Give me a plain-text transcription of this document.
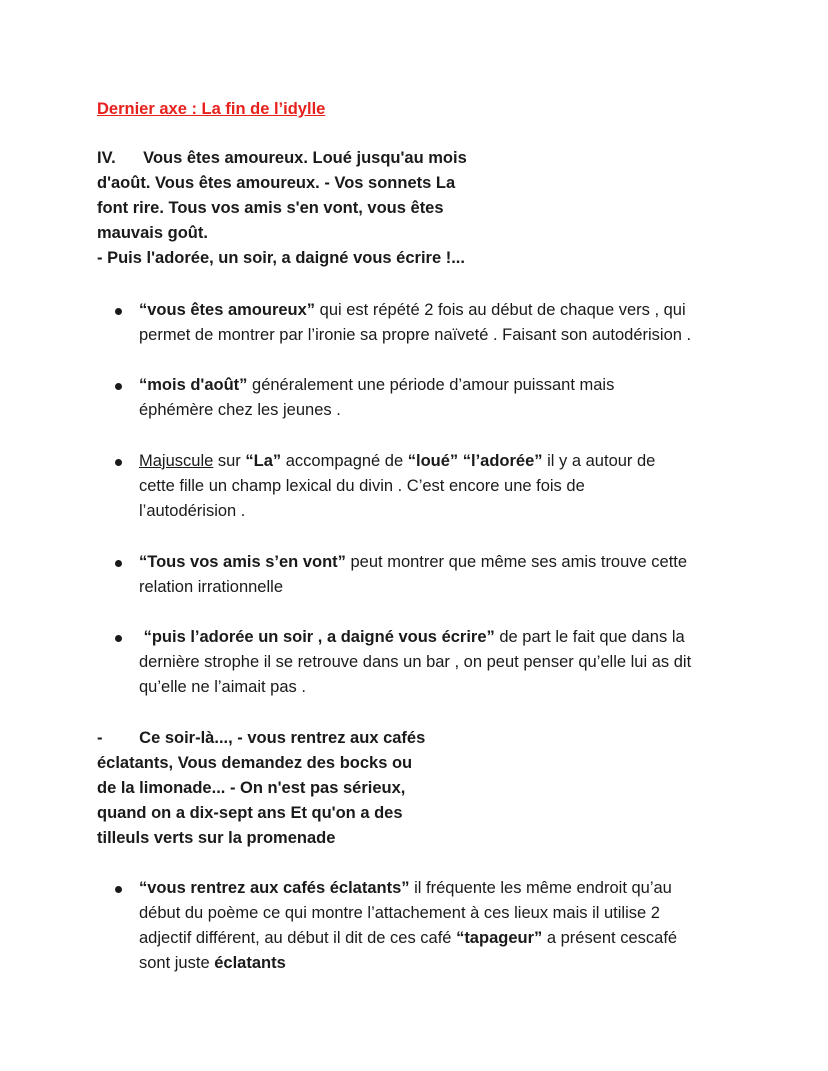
Dernier axe : La fin de l’idylle
IV.      Vous êtes amoureux. Loué jusqu'au mois
d'août. Vous êtes amoureux. - Vos sonnets La
font rire. Tous vos amis s'en vont, vous êtes
mauvais goût.
- Puis l'adorée, un soir, a daigné vous écrire !...
“vous êtes amoureux” qui est répété 2 fois au début de chaque vers , qui
permet de montrer par l’ironie sa propre naïveté . Faisant son autodérision .
“mois d'août” généralement une période d’amour puissant mais
éphémère chez les jeunes .
Majuscule sur “La” accompagné de “loué” “l’adorée” il y a autour de
cette fille un champ lexical du divin . C’est encore une fois de
l’autodérision .
“Tous vos amis s’en vont” peut montrer que même ses amis trouve cette
relation irrationnelle
“puis l’adorée un soir , a daigné vous écrire” de part le fait que dans la
dernière strophe il se retrouve dans un bar , on peut penser qu’elle lui as dit
qu’elle ne l’aimait pas .
-        Ce soir-là..., - vous rentrez aux cafés
éclatants, Vous demandez des bocks ou
de la limonade... - On n'est pas sérieux,
quand on a dix-sept ans Et qu'on a des
tilleuls verts sur la promenade
“vous rentrez aux cafés éclatants” il fréquente les même endroit qu’au
début du poème ce qui montre l’attachement à ces lieux mais il utilise 2
adjectif différent, au début il dit de ces café “tapageur” a présent cescafé
sont juste éclatants
